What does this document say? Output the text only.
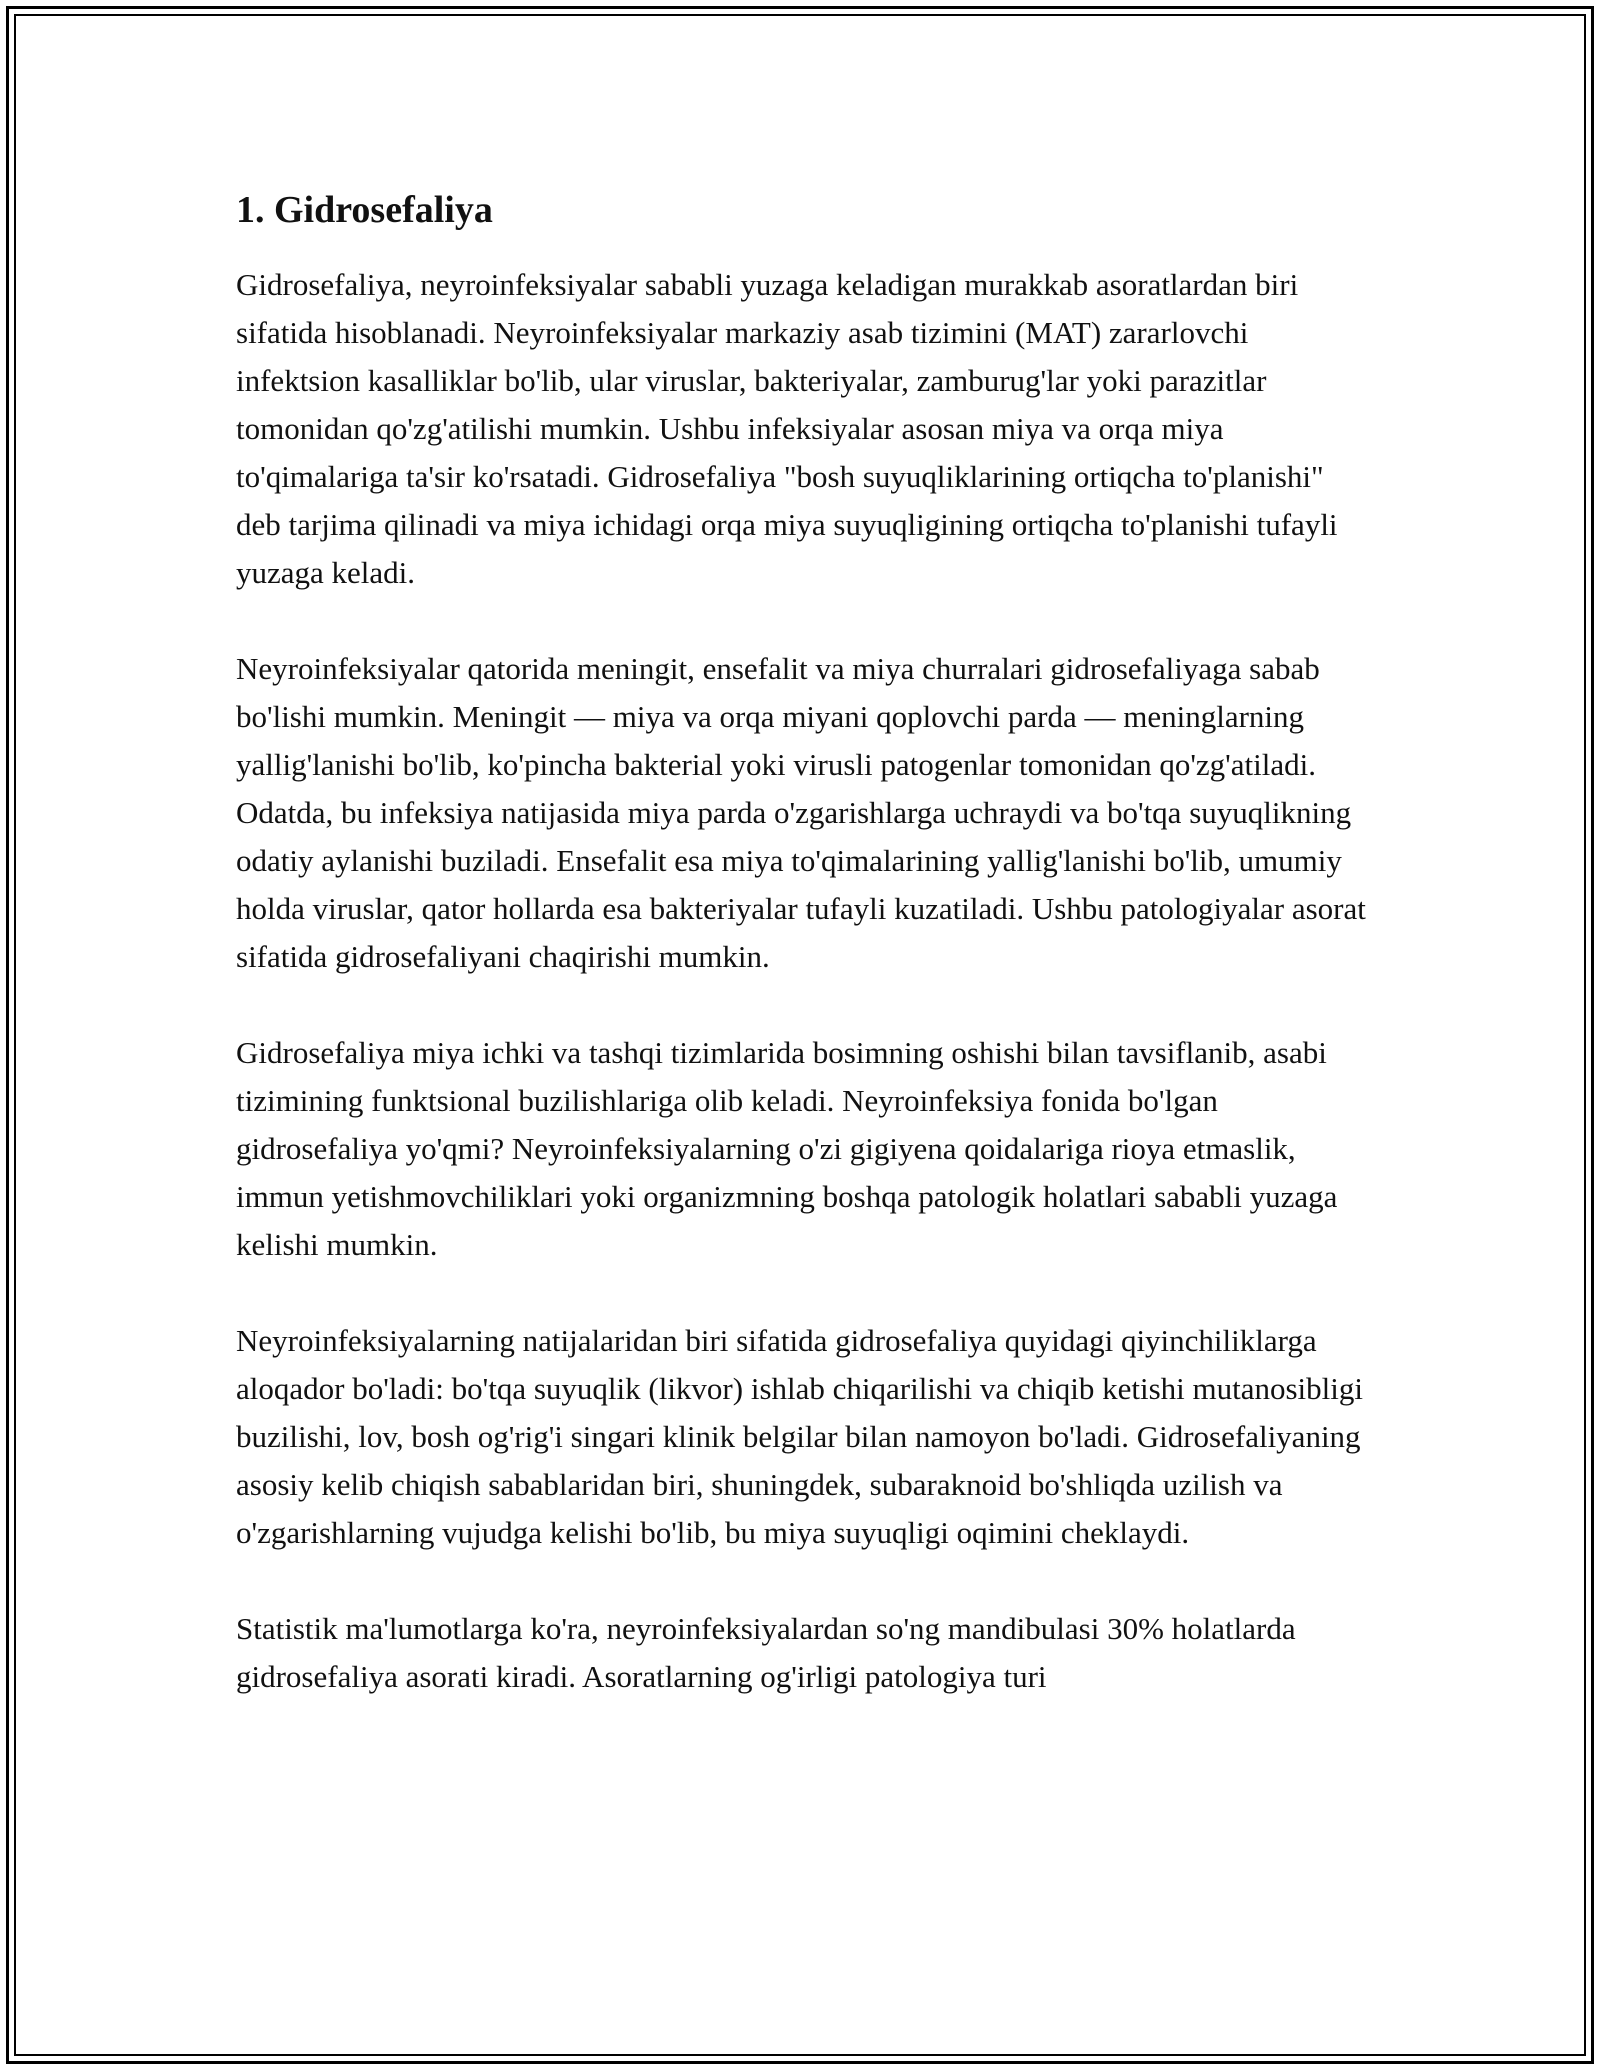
1. Gidrosefaliya

Gidrosefaliya, neyroinfeksiyalar sababli yuzaga keladigan murakkab asoratlardan biri sifatida hisoblanadi. Neyroinfeksiyalar markaziy asab tizimini (MAT) zararlovchi infektsion kasalliklar bo'lib, ular viruslar, bakteriyalar, zamburug'lar yoki parazitlar tomonidan qo'zg'atilishi mumkin. Ushbu infeksiyalar asosan miya va orqa miya to'qimalariga ta'sir ko'rsatadi. Gidrosefaliya "bosh suyuqliklarining ortiqcha to'planishi" deb tarjima qilinadi va miya ichidagi orqa miya suyuqligining ortiqcha to'planishi tufayli yuzaga keladi.

Neyroinfeksiyalar qatorida meningit, ensefalit va miya churralari gidrosefaliyaga sabab bo'lishi mumkin. Meningit — miya va orqa miyani qoplovchi parda — meninglarning yallig'lanishi bo'lib, ko'pincha bakterial yoki virusli patogenlar tomonidan qo'zg'atiladi. Odatda, bu infeksiya natijasida miya parda o'zgarishlarga uchraydi va bo'tqa suyuqlikning odatiy aylanishi buziladi. Ensefalit esa miya to'qimalarining yallig'lanishi bo'lib, umumiy holda viruslar, qator hollarda esa bakteriyalar tufayli kuzatiladi. Ushbu patologiyalar asorat sifatida gidrosefaliyani chaqirishi mumkin.

Gidrosefaliya miya ichki va tashqi tizimlarida bosimning oshishi bilan tavsiflanib, asabi tizimining funktsional buzilishlariga olib keladi. Neyroinfeksiya fonida bo'lgan gidrosefaliya yo'qmi? Neyroinfeksiyalarning o'zi gigiyena qoidalariga rioya etmaslik, immun yetishmovchiliklari yoki organizmning boshqa patologik holatlari sababli yuzaga kelishi mumkin.

Neyroinfeksiyalarning natijalaridan biri sifatida gidrosefaliya quyidagi qiyinchiliklarga aloqador bo'ladi: bo'tqa suyuqlik (likvor) ishlab chiqarilishi va chiqib ketishi mutanosibligi buzilishi, lov, bosh og'rig'i singari klinik belgilar bilan namoyon bo'ladi. Gidrosefaliyaning asosiy kelib chiqish sabablaridan biri, shuningdek, subaraknoid bo'shliqda uzilish va o'zgarishlarning vujudga kelishi bo'lib, bu miya suyuqligi oqimini cheklaydi.

Statistik ma'lumotlarga ko'ra, neyroinfeksiyalardan so'ng mandibulasi 30% holatlarda gidrosefaliya asorati kiradi. Asoratlarning og'irligi patologiya turi
